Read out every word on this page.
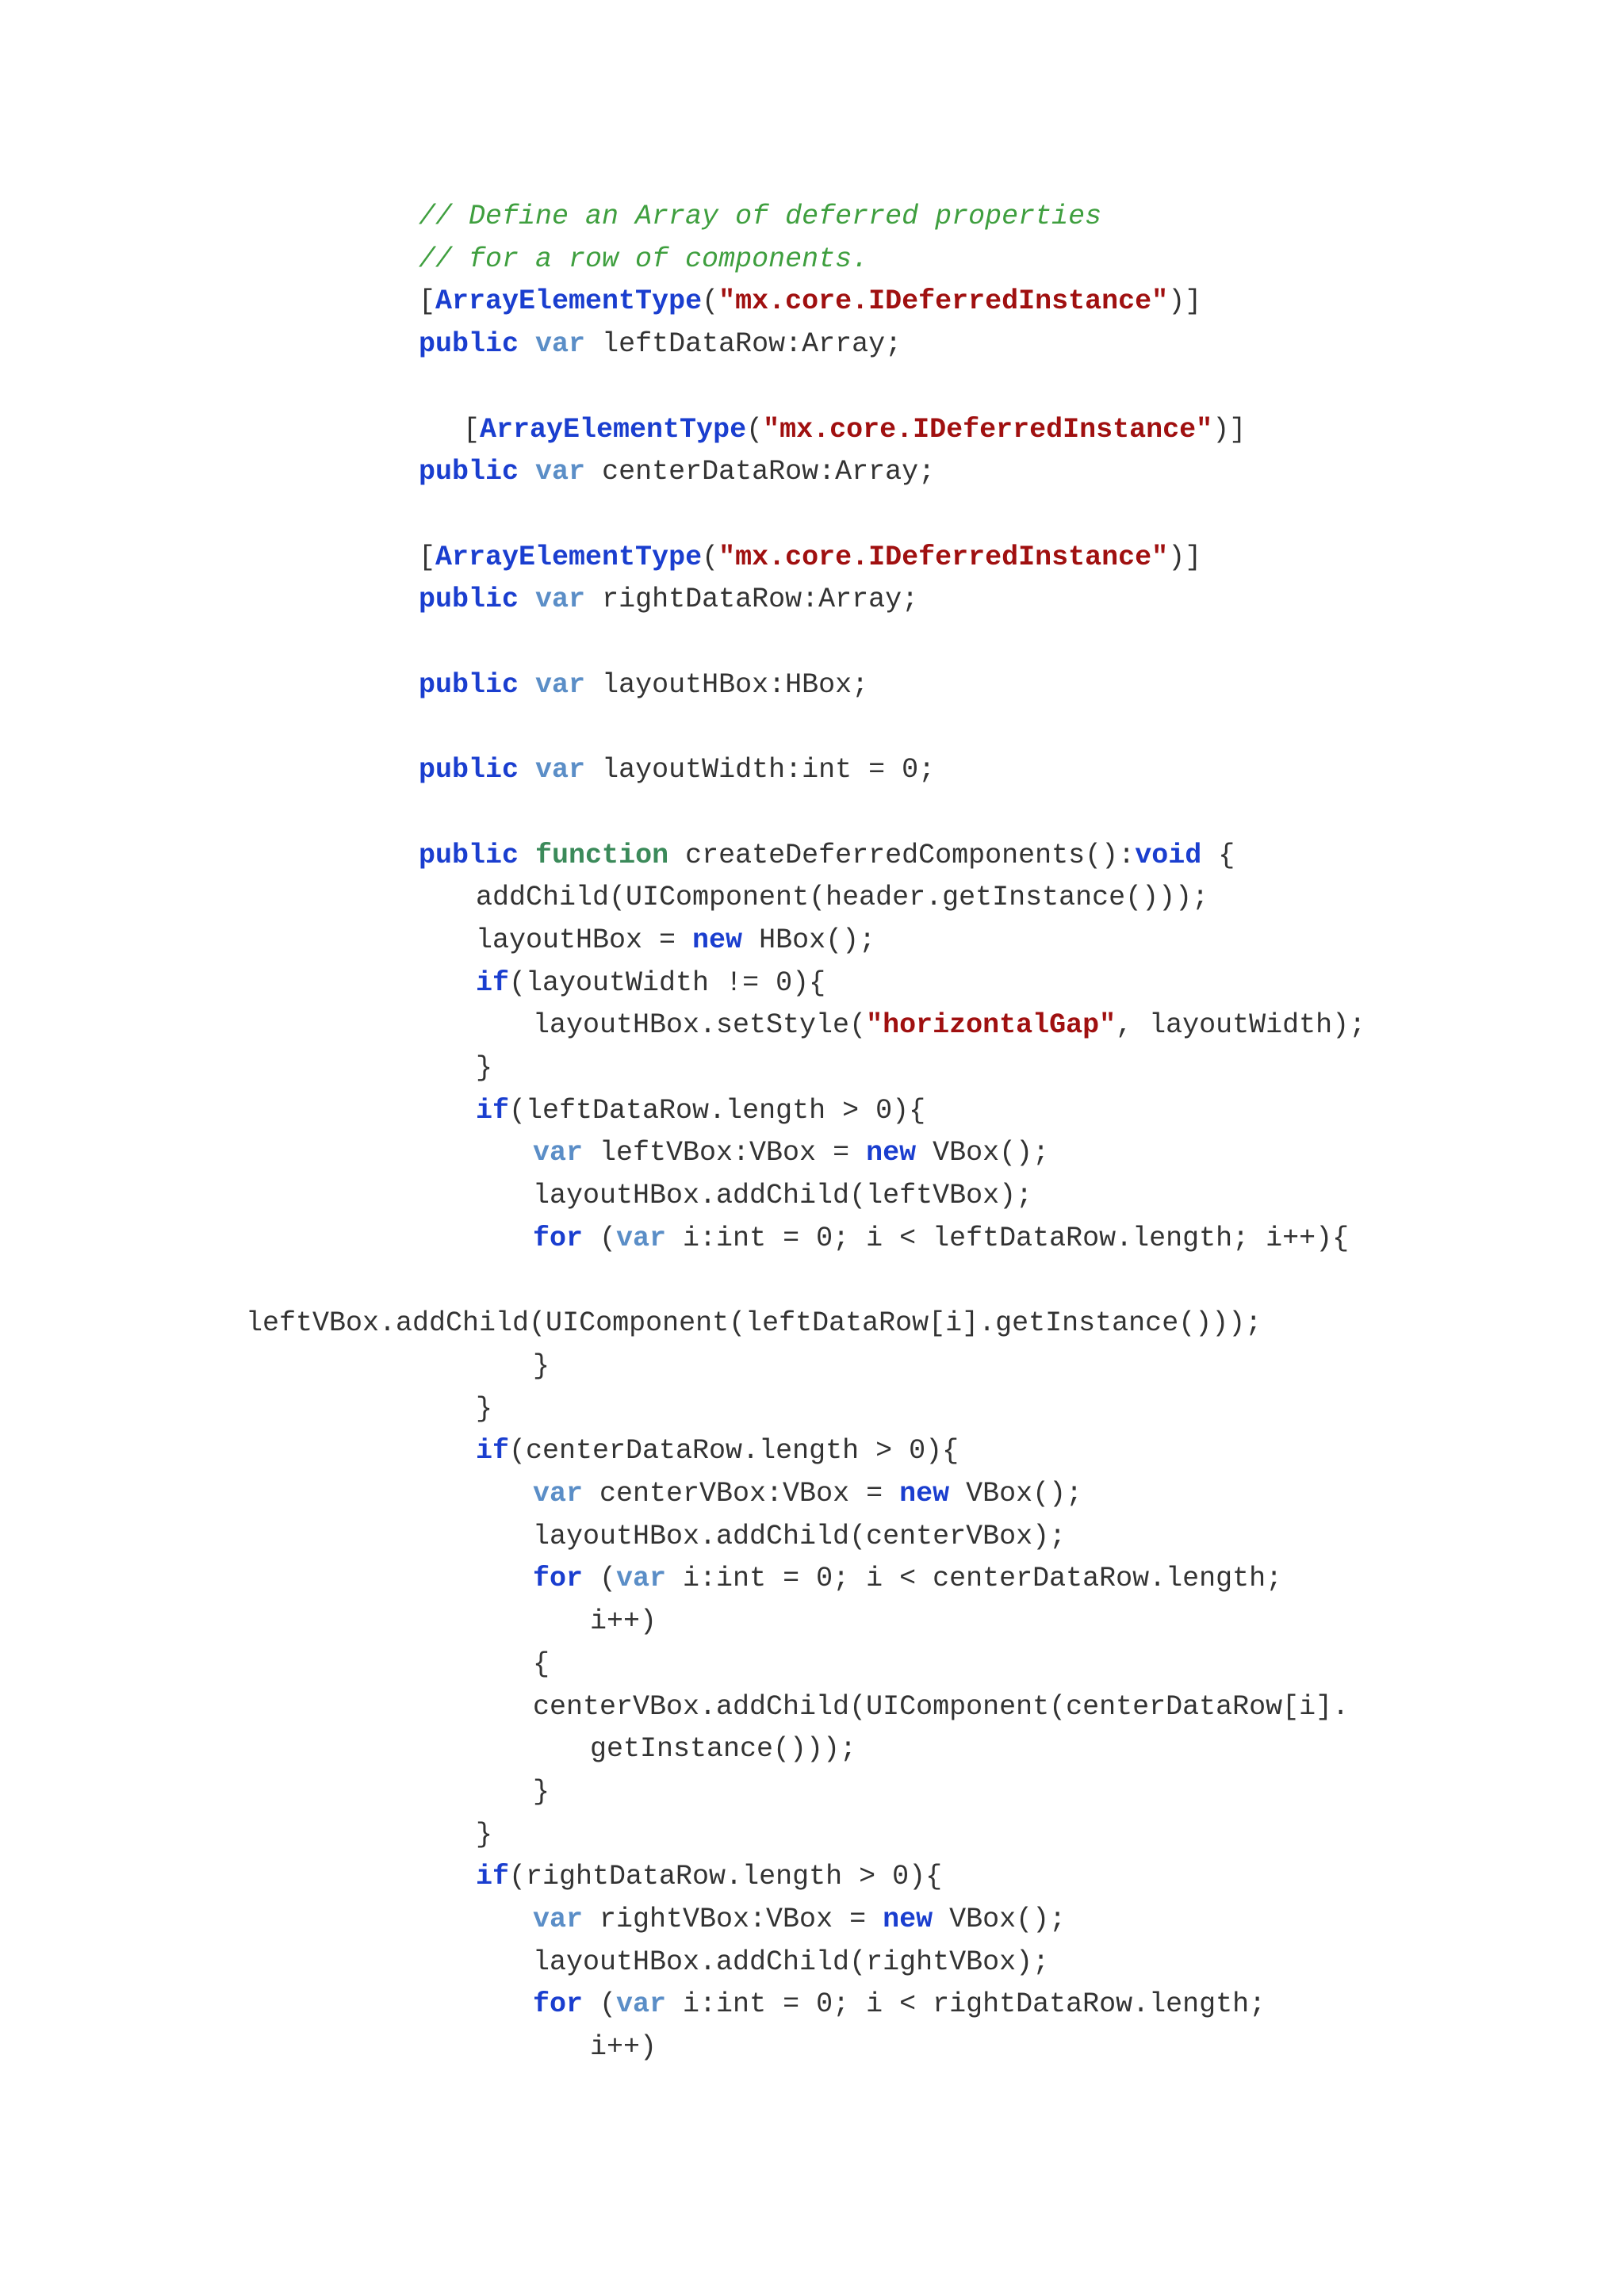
// Define an Array of deferred properties
// for a row of components.
[ArrayElementType("mx.core.IDeferredInstance")]
public var leftDataRow:Array;
[ArrayElementType("mx.core.IDeferredInstance")]
public var centerDataRow:Array;
[ArrayElementType("mx.core.IDeferredInstance")]
public var rightDataRow:Array;
public var layoutHBox:HBox;
public var layoutWidth:int = 0;
public function createDeferredComponents():void {
addChild(UIComponent(header.getInstance()));
layoutHBox = new HBox();
if(layoutWidth != 0){
layoutHBox.setStyle("horizontalGap", layoutWidth);
}
if(leftDataRow.length > 0){
var leftVBox:VBox = new VBox();
layoutHBox.addChild(leftVBox);
for (var i:int = 0; i < leftDataRow.length; i++){
leftVBox.addChild(UIComponent(leftDataRow[i].getInstance()));
}
}
if(centerDataRow.length > 0){
var centerVBox:VBox = new VBox();
layoutHBox.addChild(centerVBox);
for (var i:int = 0; i < centerDataRow.length;
i++)
{
centerVBox.addChild(UIComponent(centerDataRow[i].
getInstance()));
}
}
if(rightDataRow.length > 0){
var rightVBox:VBox = new VBox();
layoutHBox.addChild(rightVBox);
for (var i:int = 0; i < rightDataRow.length;
i++)
